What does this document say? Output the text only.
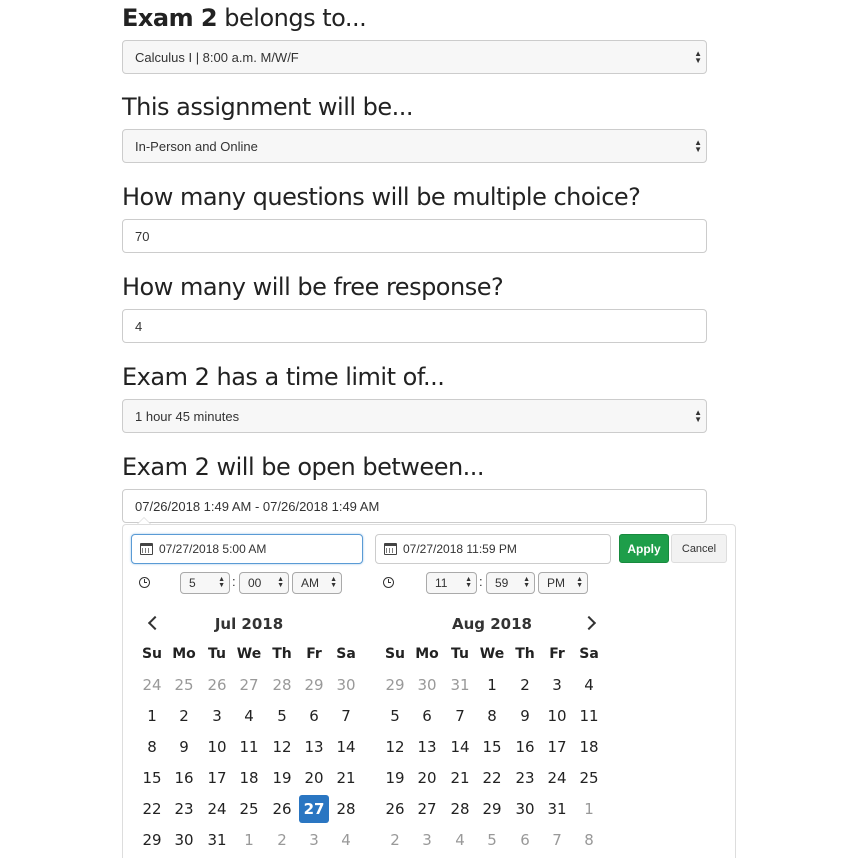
Exam 2 belongs to...
Calculus I | 8:00 a.m. M/W/F	▲
▼
This assignment will be...
In-Person and Online	▲
▼
How many questions will be multiple choice?
70
How many will be free response?
4
Exam 2 has a time limit of...
1 hour 45 minutes	▲
▼
Exam 2 will be open between...
07/26/2018 1:49 AM - 07/26/2018 1:49 AM
07/27/2018 5:00 AM	07/27/2018 11:59 PM	Apply	Cancel
5	▲
▼ : 00 ▲
▼ AM ▲
▼	11	▲
▼ : 59 ▲
▼ PM ▲
▼
Jul 2018	Aug 2018
Su Mo Tu We Th	Fr	Sa
24 25 26 27 28 29 30
1	2	3	4	5	6	7
8	9	10 11 12 13 14
15 16 17 18 19 20 21
22 23 24 25 26 27 28
29 30 31	1	2	3	4
Su Mo Tu We Th	Fr	Sa
29 30 31	1	2	3	4
5	6	7	8	9	10 11
12 13 14 15 16 17 18
19 20 21 22 23 24 25
26 27 28 29 30 31	1
2	3	4	5	6	7	8
